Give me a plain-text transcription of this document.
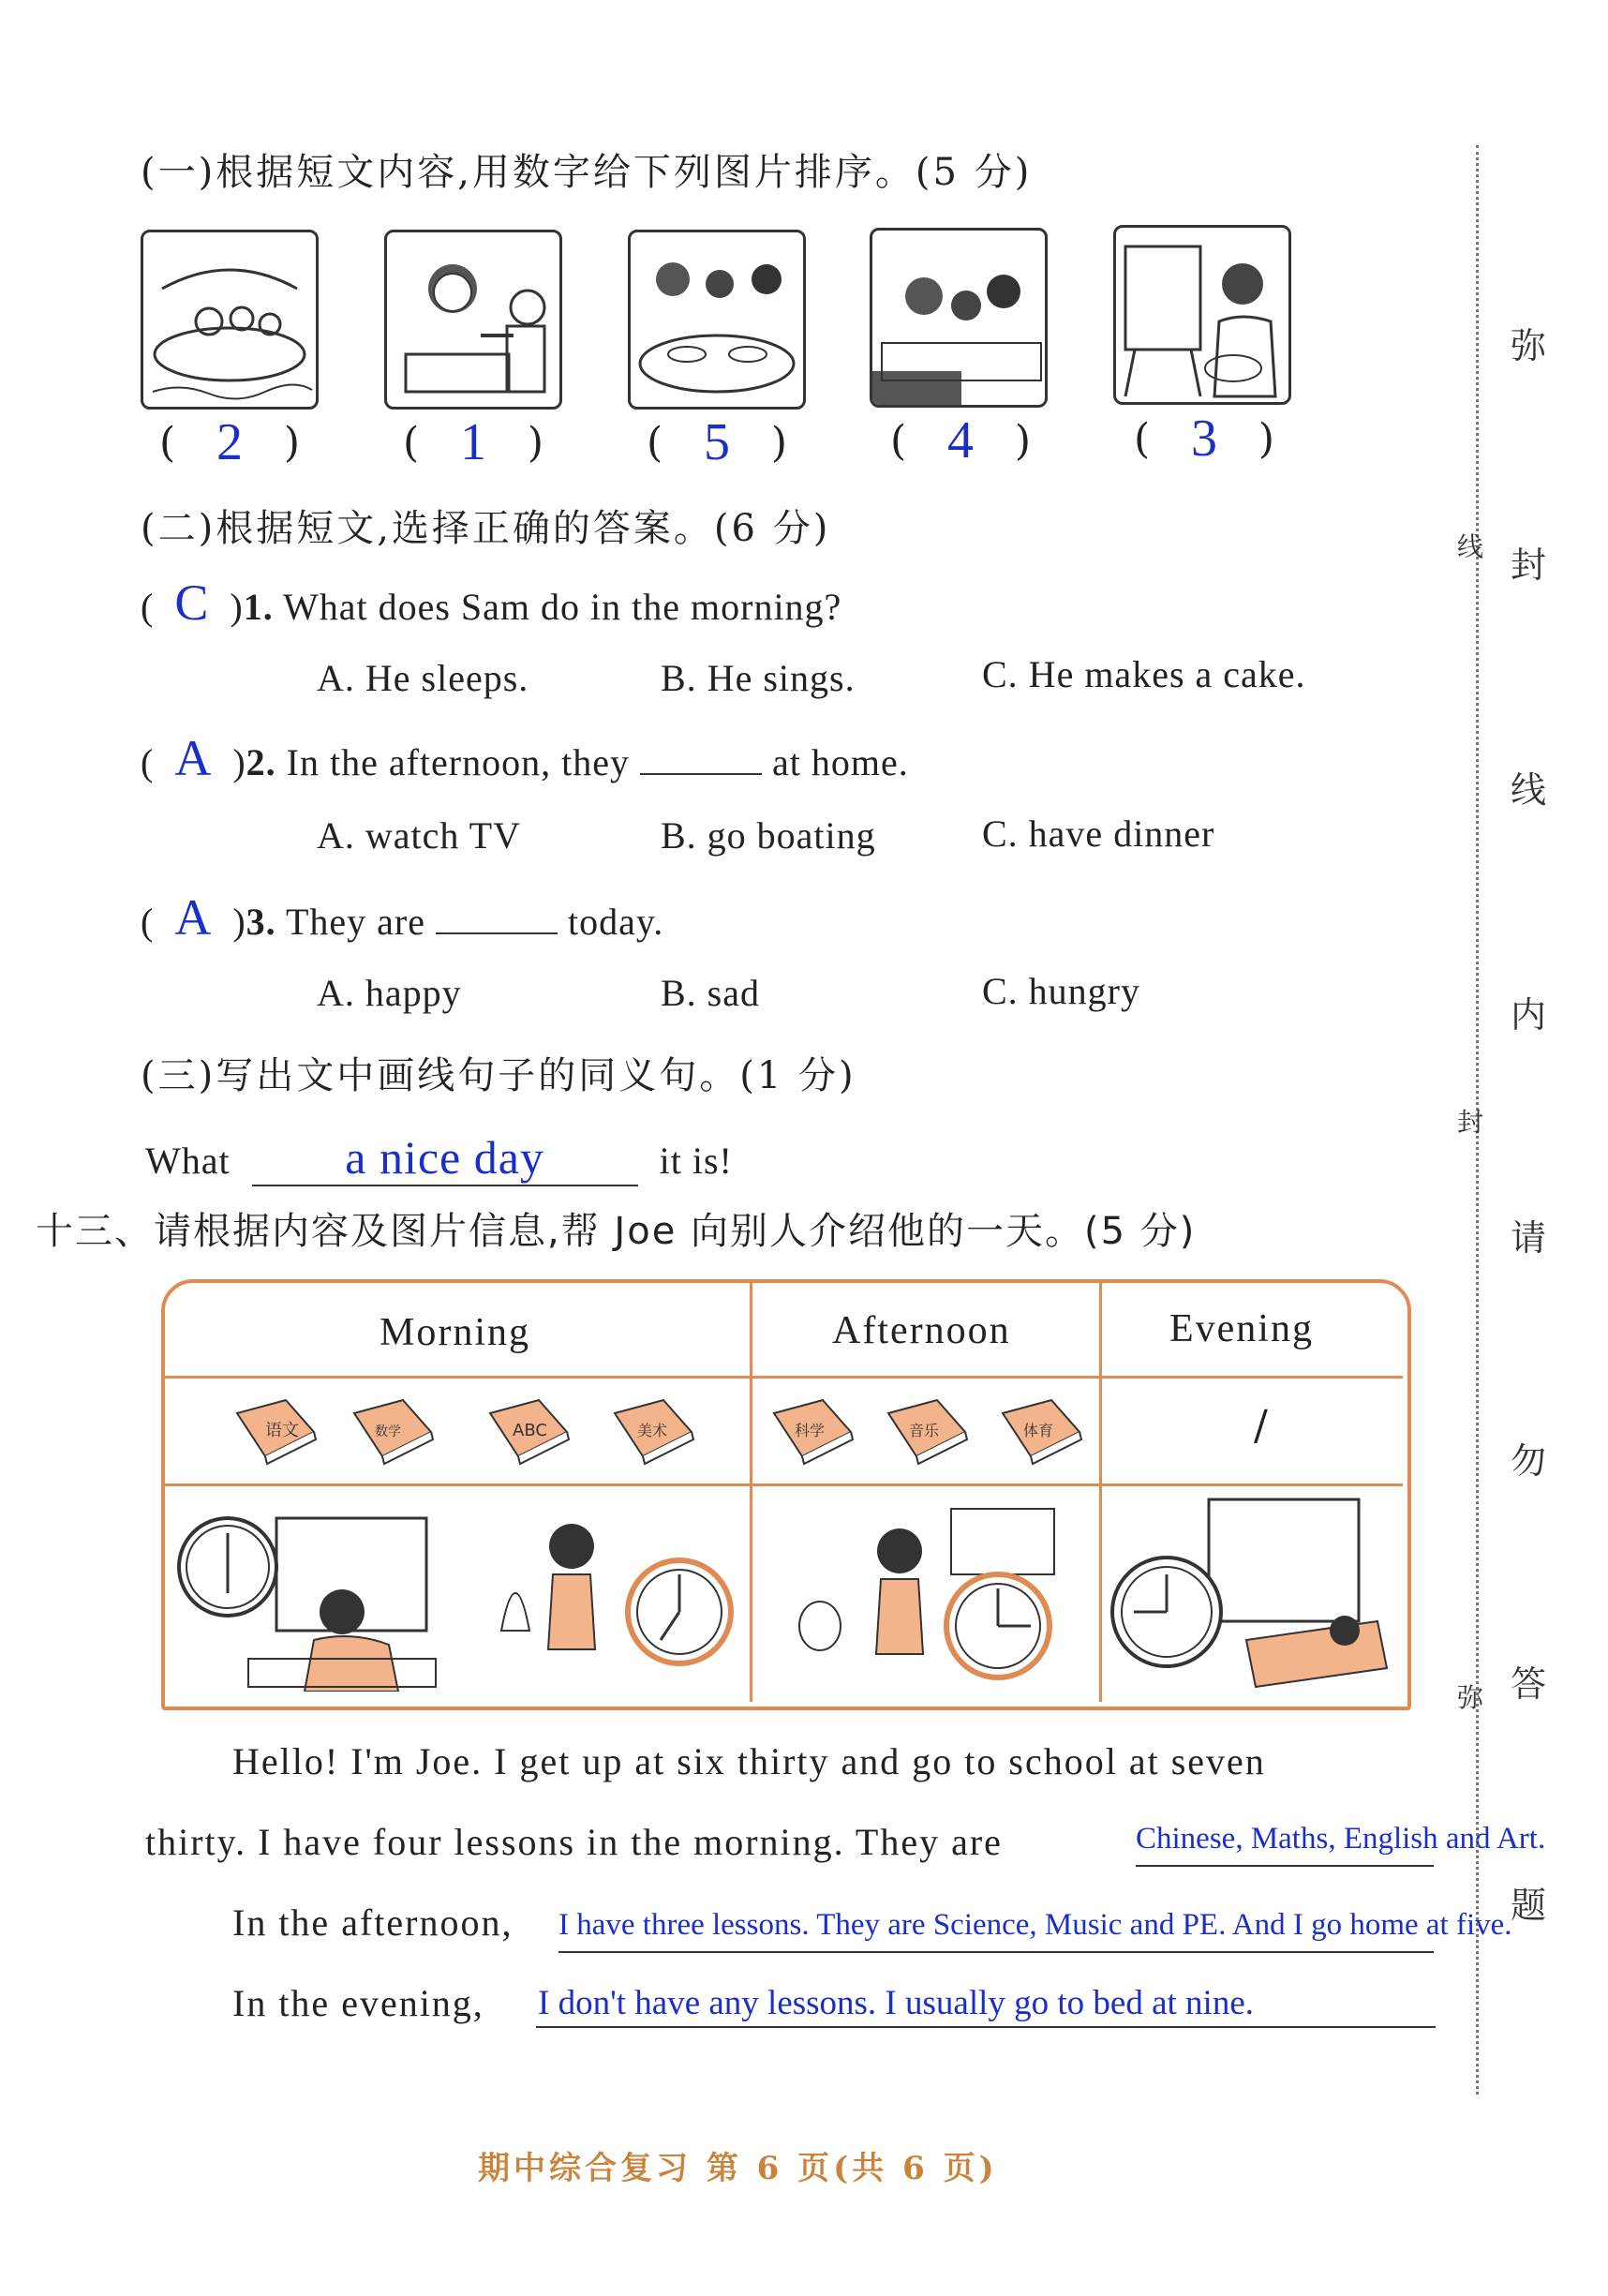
(一)根据短文内容,用数字给下列图片排序。(5 分)
( 2 )	( 1 )	( 5 )	( 4 )	( 3 )
(二)根据短文,选择正确的答案。(6 分)
( C )1. What does Sam do in the morning?
A. He sleeps.	B. He sings.	C. He makes a cake.
( A )2. In the afternoon, they	at home.
A. watch TV	B. go boating	C. have dinner
( A )3. They are	today.
A. happy	B. sad	C. hungry
(三)写出文中画线句子的同义句。(1 分)
What a nice day	it is!
十三、请根据内容及图片信息,帮 Joe 向别人介绍他的一天。(5 分)
Morning	Afternoon	Evening
语文	数学	ABC	美术	科学	音乐	体育	/
Hello! I'm Joe. I get up at six thirty and go to school at seven
thirty. I have four lessons in the morning. They are	Chinese, Maths, English and Art.
In the afternoon, I have three lessons. They are Science, Music and PE. And I go home at five.
In the evening, I don't have any lessons. I usually go to bed at nine.
线
封
弥
弥
封
线
内
请
勿
答
题
期中综合复习 第 6 页(共 6 页)
